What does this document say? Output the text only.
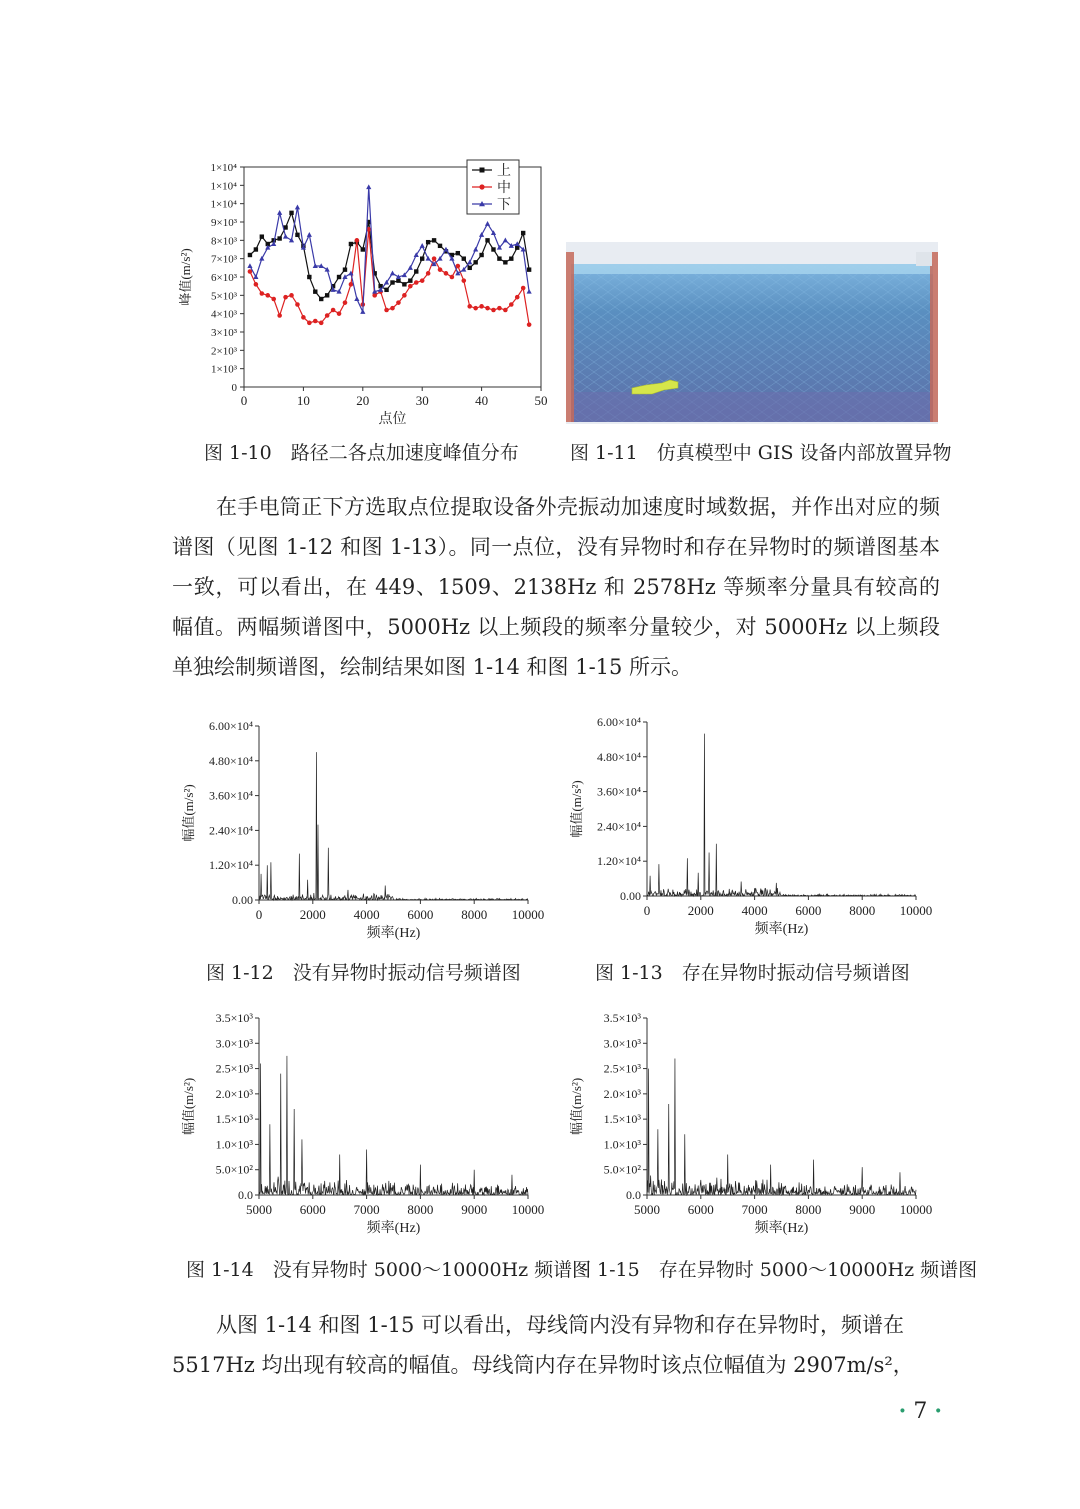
0	10	20	30	40	50
0
1×10³
2×10³
3×10³
4×10³
5×10³
6×10³
7×10³
8×10³
9×10³
1×10⁴
1×10⁴
1×10⁴
点位
峰值(m/s²)
上
中
下
图 1-10　路径二各点加速度峰值分布	图 1-11　仿真模型中 GIS 设备内部放置异物

在手电筒正下方选取点位提取设备外壳振动加速度时域数据，并作出对应的频谱图（见图 1-12 和图 1-13）。同一点位，没有异物时和存在异物时的频谱图基本一致，可以看出，在 449、1509、2138Hz 和 2578Hz 等频率分量具有较高的幅值。两幅频谱图中，5000Hz 以上频段的频率分量较少，对 5000Hz 以上频段单独绘制频谱图，绘制结果如图 1-14 和图 1-15 所示。

0	2000 4000 6000 8000 10000
0.00
1.20×10⁴
2.40×10⁴
3.60×10⁴
4.80×10⁴
6.00×10⁴
频率(Hz)
幅值(m/s²)
0	2000 4000 6000 8000 10000
0.00
1.20×10⁴
2.40×10⁴
3.60×10⁴
4.80×10⁴
6.00×10⁴
频率(Hz)
幅值(m/s²)
图 1-12　没有异物时振动信号频谱图	图 1-13　存在异物时振动信号频谱图
5000 6000 7000 8000 9000 10000
0.0
5.0×10²
1.0×10³
1.5×10³
2.0×10³
2.5×10³
3.0×10³
3.5×10³
频率(Hz)
幅值(m/s²)
5000 6000 7000 8000 9000 10000
0.0
5.0×10²
1.0×10³
1.5×10³
2.0×10³
2.5×10³
3.0×10³
3.5×10³
频率(Hz)
幅值(m/s²)
图 1-14　没有异物时 5000～10000Hz 频谱图
图 1-15　存在异物时 5000～10000Hz 频谱图

从图 1-14 和图 1-15 可以看出，母线筒内没有异物和存在异物时，频谱在

5517Hz 均出现有较高的幅值。母线筒内存在异物时该点位幅值为 2907m/s²，
· 7 ·
